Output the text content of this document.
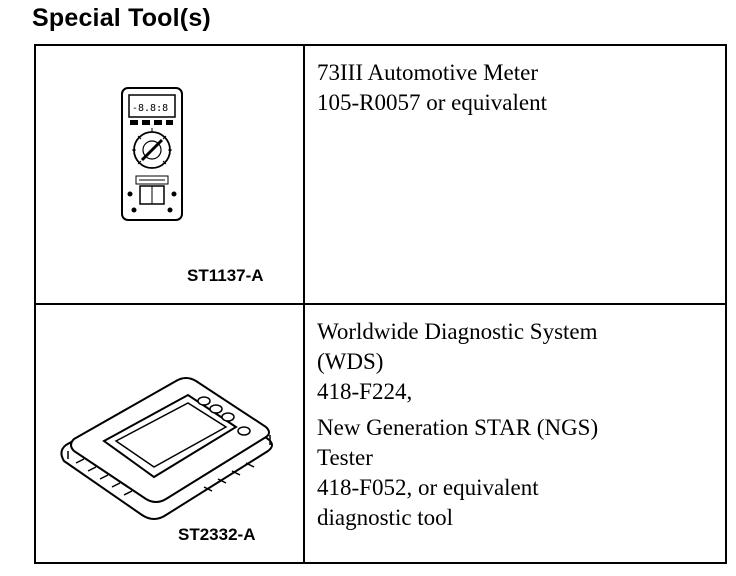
Special Tool(s)
-8.8:8
ST1137-A
73III Automotive Meter
105-R0057 or equivalent
ST2332-A
Worldwide Diagnostic System
(WDS)
418-F224,
New Generation STAR (NGS)
Tester
418-F052, or equivalent
diagnostic tool
